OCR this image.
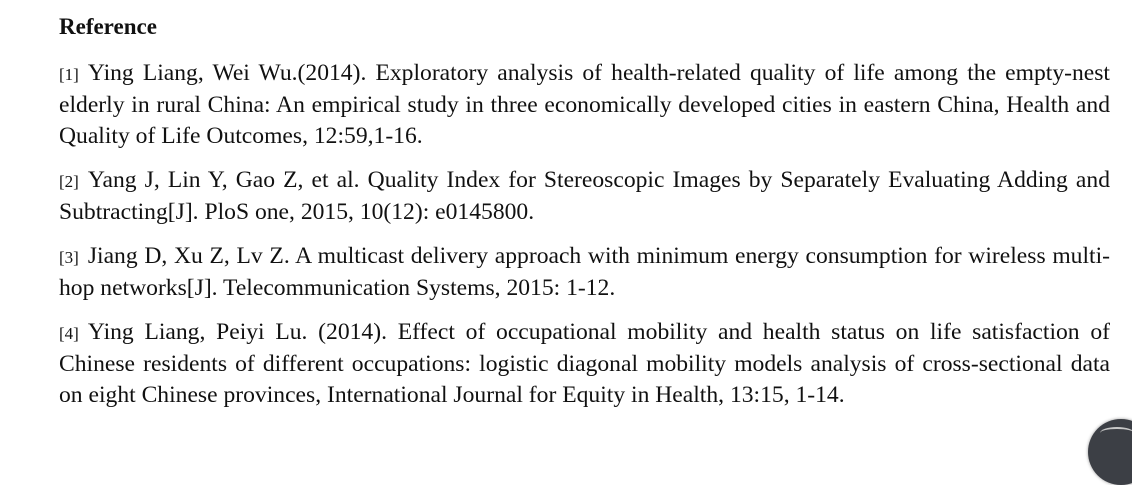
Reference

[1] Ying Liang, Wei Wu.(2014). Exploratory analysis of health-related quality of life among the empty-nest elderly in rural China: An empirical study in three economically developed cities in eastern China, Health and Quality of Life Outcomes, 12:59,1-16.

[2] Yang J, Lin Y, Gao Z, et al. Quality Index for Stereoscopic Images by Separately Evaluating Adding and Subtracting[J]. PloS one, 2015, 10(12): e0145800.

[3] Jiang D, Xu Z, Lv Z. A multicast delivery approach with minimum energy consumption for wireless multi-hop networks[J]. Telecommunication Systems, 2015: 1-12.

[4] Ying Liang, Peiyi Lu. (2014). Effect of occupational mobility and health status on life satisfaction of Chinese residents of different occupations: logistic diagonal mobility models analysis of cross-sectional data on eight Chinese provinces, International Journal for Equity in Health, 13:15, 1-14.
